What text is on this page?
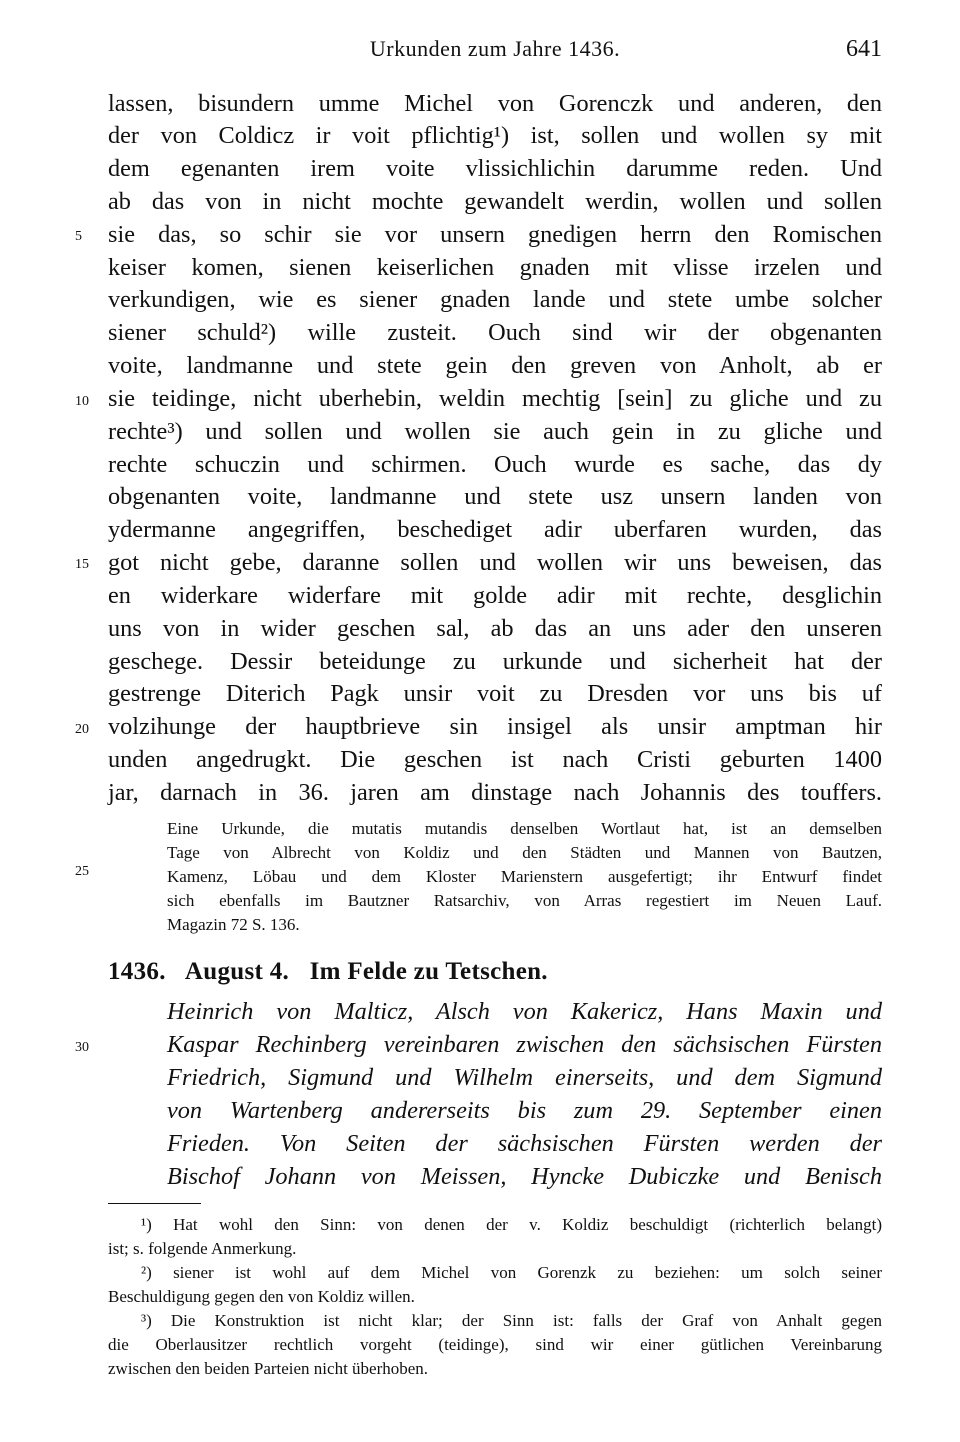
Urkunden zum Jahre 1436.	641
lassen, bisundern umme Michel von Gorenczk und anderen, den
der von Coldicz ir voit pflichtig¹) ist, sollen und wollen sy mit
dem egenanten irem voite vlissichlichin darumme reden. Und
ab das von in nicht mochte gewandelt werdin, wollen und sollen
sie das, so schir sie vor unsern gnedigen herrn den Romischen
keiser komen, sienen keiserlichen gnaden mit vlisse irzelen und
verkundigen, wie es siener gnaden lande und stete umbe solcher
siener schuld²) wille zusteit. Ouch sind wir der obgenanten
voite, landmanne und stete gein den greven von Anholt, ab er
sie teidinge, nicht uberhebin, weldin mechtig [sein] zu gliche und zu
rechte³) und sollen und wollen sie auch gein in zu gliche und
rechte schuczin und schirmen. Ouch wurde es sache, das dy
obgenanten voite, landmanne und stete usz unsern landen von
ydermanne angegriffen, beschediget adir uberfaren wurden, das
got nicht gebe, daranne sollen und wollen wir uns beweisen, das
en widerkare widerfare mit golde adir mit rechte, desglichin
uns von in wider geschen sal, ab das an uns ader den unseren
geschege. Dessir beteidunge zu urkunde und sicherheit hat der
gestrenge Diterich Pagk unsir voit zu Dresden vor uns bis uf
volzihunge der hauptbrieve sin insigel als unsir amptman hir
unden angedrugkt. Die geschen ist nach Cristi geburten 1400
jar, darnach in 36. jaren am dinstage nach Johannis des touffers.
Eine Urkunde, die mutatis mutandis denselben Wortlaut hat, ist an demselben
Tage von Albrecht von Koldiz und den Städten und Mannen von Bautzen,
Kamenz, Löbau und dem Kloster Marienstern ausgefertigt; ihr Entwurf findet
sich ebenfalls im Bautzner Ratsarchiv, von Arras regestiert im Neuen Lauf.
Magazin 72 S. 136.
1436. August 4. Im Felde zu Tetschen.
Heinrich von Malticz, Alsch von Kakericz, Hans Maxin und
Kaspar Rechinberg vereinbaren zwischen den sächsischen Fürsten
Friedrich, Sigmund und Wilhelm einerseits, und dem Sigmund
von Wartenberg andererseits bis zum 29. September einen
Frieden. Von Seiten der sächsischen Fürsten werden der
Bischof Johann von Meissen, Hyncke Dubiczke und Benisch
5
10
15
20
25
30
¹) Hat wohl den Sinn: von denen der v. Koldiz beschuldigt (richterlich belangt)
ist; s. folgende Anmerkung.
²) siener ist wohl auf dem Michel von Gorenzk zu beziehen: um solch seiner
Beschuldigung gegen den von Koldiz willen.
³) Die Konstruktion ist nicht klar; der Sinn ist: falls der Graf von Anhalt gegen
die Oberlausitzer rechtlich vorgeht (teidinge), sind wir einer gütlichen Vereinbarung
zwischen den beiden Parteien nicht überhoben.
